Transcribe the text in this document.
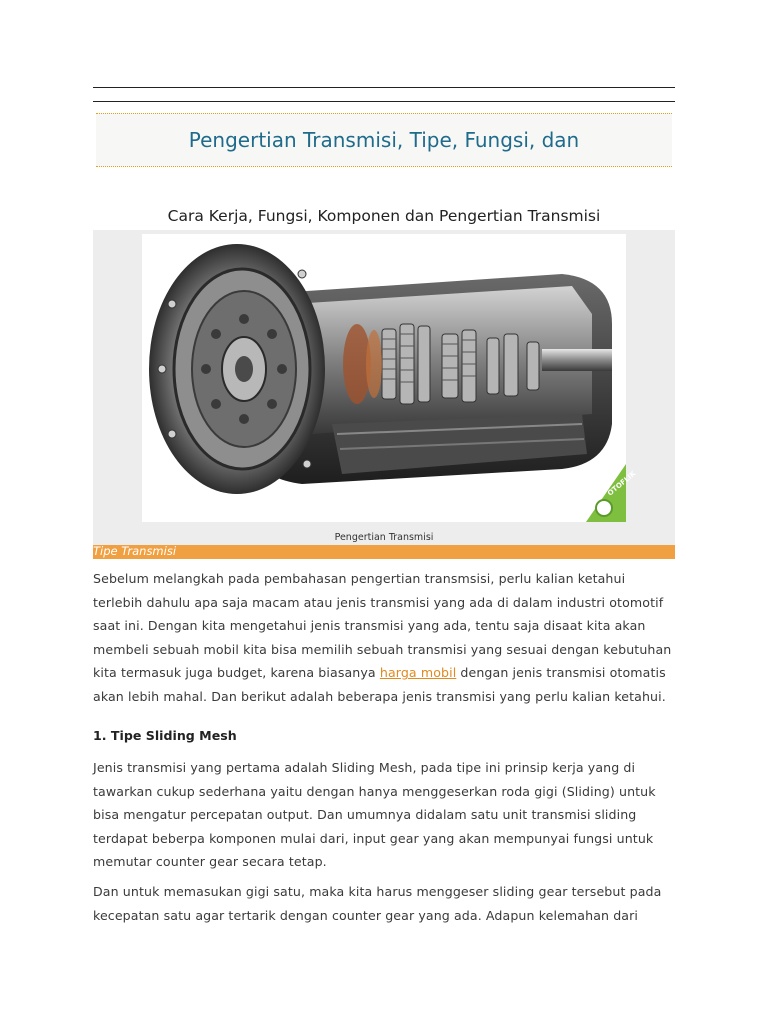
Pengertian Transmisi, Tipe, Fungsi, dan
Cara Kerja, Fungsi, Komponen dan Pengertian Transmisi
OTOFLIK
Pengertian Transmisi
Tipe Transmisi
Sebelum melangkah pada pembahasan pengertian transmsisi, perlu kalian ketahui terlebih dahulu apa saja macam atau jenis transmisi yang ada di dalam industri otomotif saat ini. Dengan kita mengetahui jenis transmisi yang ada, tentu saja disaat kita akan membeli sebuah mobil kita bisa memilih sebuah transmisi yang sesuai dengan kebutuhan kita termasuk juga budget, karena biasanya harga mobil dengan jenis transmisi otomatis akan lebih mahal. Dan berikut adalah beberapa jenis transmisi yang perlu kalian ketahui.
1. Tipe Sliding Mesh
Jenis transmisi yang pertama adalah Sliding Mesh, pada tipe ini prinsip kerja yang di tawarkan cukup sederhana yaitu dengan hanya menggeserkan roda gigi (Sliding) untuk bisa mengatur percepatan output. Dan umumnya didalam satu unit transmisi sliding terdapat beberpa komponen mulai dari, input gear yang akan mempunyai fungsi untuk memutar counter gear secara tetap.
Dan untuk memasukan gigi satu, maka kita harus menggeser sliding gear tersebut pada kecepatan satu agar tertarik dengan counter gear yang ada. Adapun kelemahan dari
